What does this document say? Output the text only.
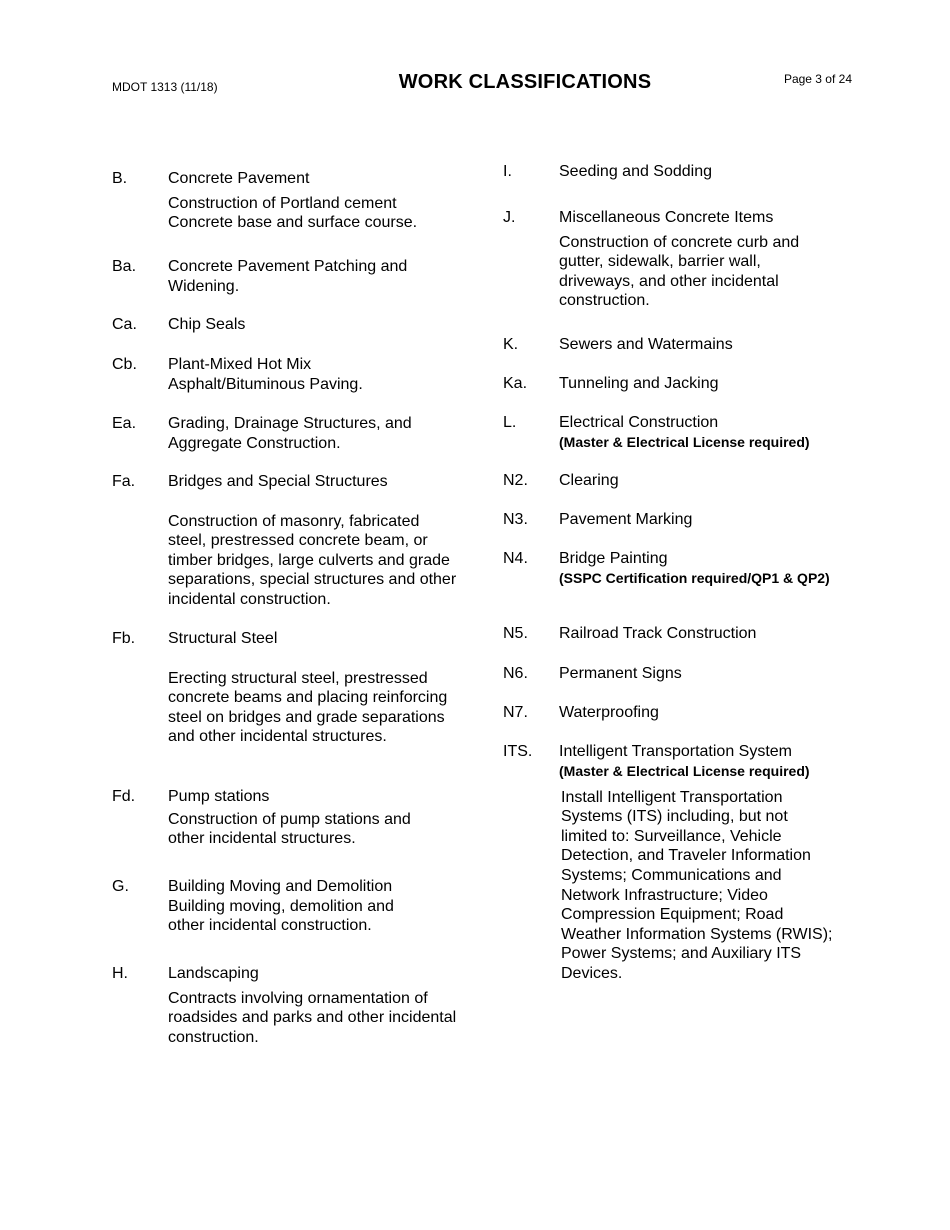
MDOT 1313 (11/18)	WORK CLASSIFICATIONS	Page 3 of 24
B.	Concrete Pavement
Construction of Portland cement Concrete base and surface course.
Ba. Concrete Pavement Patching and Widening.
Ca. Chip Seals
Cb. Plant-Mixed Hot Mix Asphalt/Bituminous Paving.
Ea. Grading, Drainage Structures, and Aggregate Construction.
Fa. Bridges and Special Structures
Construction of masonry, fabricated steel, prestressed concrete beam, or timber bridges, large culverts and grade separations, special structures and other incidental construction.
Fb. Structural Steel
Erecting structural steel, prestressed concrete beams and placing reinforcing steel on bridges and grade separations and other incidental structures.
Fd. Pump stations
Construction of pump stations and other incidental structures.
G. Building Moving and Demolition
Building moving, demolition and other incidental construction.
H.	Landscaping
Contracts involving ornamentation of roadsides and parks and other incidental construction.
I.	Seeding and Sodding
J.	Miscellaneous Concrete Items
Construction of concrete curb and gutter, sidewalk, barrier wall, driveways, and other incidental construction.
K.	Sewers and Watermains
Ka. Tunneling and Jacking
L.	Electrical Construction
(Master & Electrical License required)
N2. Clearing
N3. Pavement Marking
N4. Bridge Painting
(SSPC Certification required/QP1 & QP2)
N5. Railroad Track Construction
N6. Permanent Signs
N7. Waterproofing
ITS. Intelligent Transportation System
(Master & Electrical License required)
Install Intelligent Transportation Systems (ITS) including, but not limited to: Surveillance, Vehicle Detection, and Traveler Information Systems; Communications and Network Infrastructure; Video Compression Equipment; Road Weather Information Systems (RWIS); Power Systems; and Auxiliary ITS Devices.
